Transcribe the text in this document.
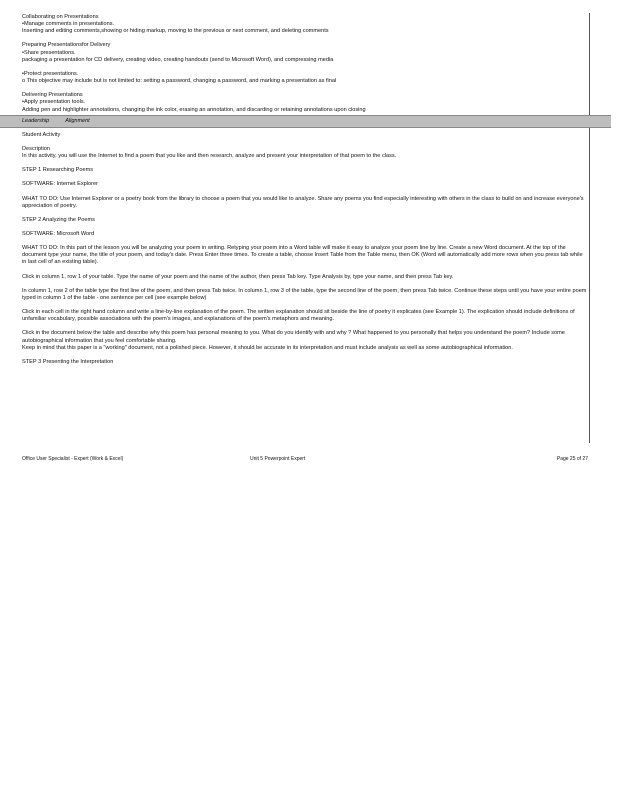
Collaborating on Presentations

•Manage comments in presentations.

Inserting and editing comments,showing or hiding markup, moving to the previous or next comment, and deleting comments

Preparing Presentationsfor Delivery

•Share presentations.

packaging a presentation for CD delivery, creating video, creating handouts (send to Microsoft Word), and compressing media

•Protect presentations.

o This objective may include but is not limited to: setting a password, changing a password, and marking a presentation as final

Delivering Presentations

•Apply presentation tools.

Adding pen and highlighter annotations, changing the ink color, erasing an annotation, and discarding or retaining annotations upon closing

Leadership	Alignment

Student Activity

Description

In this activity, you will use the Internet to find a poem that you like and then research, analyze and present your interpretation of that poem to the class.

STEP 1 Researching Poems

SOFTWARE: Internet Explorer

WHAT TO DO: Use Internet Explorer or a poetry book from the library to choose a poem that you would like to analyze. Share any poems you find especially interesting with others in the class to build on and increase everyone's appreciation of poetry.

STEP 2 Analyzing the Poems

SOFTWARE: Microsoft Word

WHAT TO DO: In this part of the lesson you will be analyzing your poem in writing. Retyping your poem into a Word table will make it easy to analyze your poem line by line. Create a new Word document. At the top of the document type your name, the title of your poem, and today's date. Press Enter three times. To create a table, choose Insert Table from the Table menu, then OK (Word will automatically add more rows when you press tab while in last cell of an existing table).

Click in column 1, row 1 of your table. Type the name of your poem and the name of the author, then press Tab key. Type Analysis by, type your name, and then press Tab key.

In column 1, row 2 of the table type the first line of the poem, and then press Tab twice. In column 1, row 3 of the table, type the second line of the poem, then press Tab twice. Continue these steps until you have your entire poem typed in column 1 of the table - one sentence per cell (see example below)

Click in each cell in the right hand column and write a line-by-line explanation of the poem. The written explanation should sit beside the line of poetry it explicates (see Example 1). The explication should include definitions of unfamiliar vocabulary, possible associations with the poem's images, and explanations of the poem's metaphors and meaning.

Click in the document below the table and describe why this poem has personal meaning to you. What do you identify with and why ? What happened to you personally that helps you understand the poem? Include some autobiographical information that you feel comfortable sharing.

Keep in mind that this paper is a "working" document, not a polished piece. However, it should be accurate in its interpretation and must include analysis as well as some autobiographical information.

STEP 3 Presenting the Interpretation

Office User Specialist - Expert (Work & Excel)	Unit 5 Powerpoint Expert	Page 25 of 27
